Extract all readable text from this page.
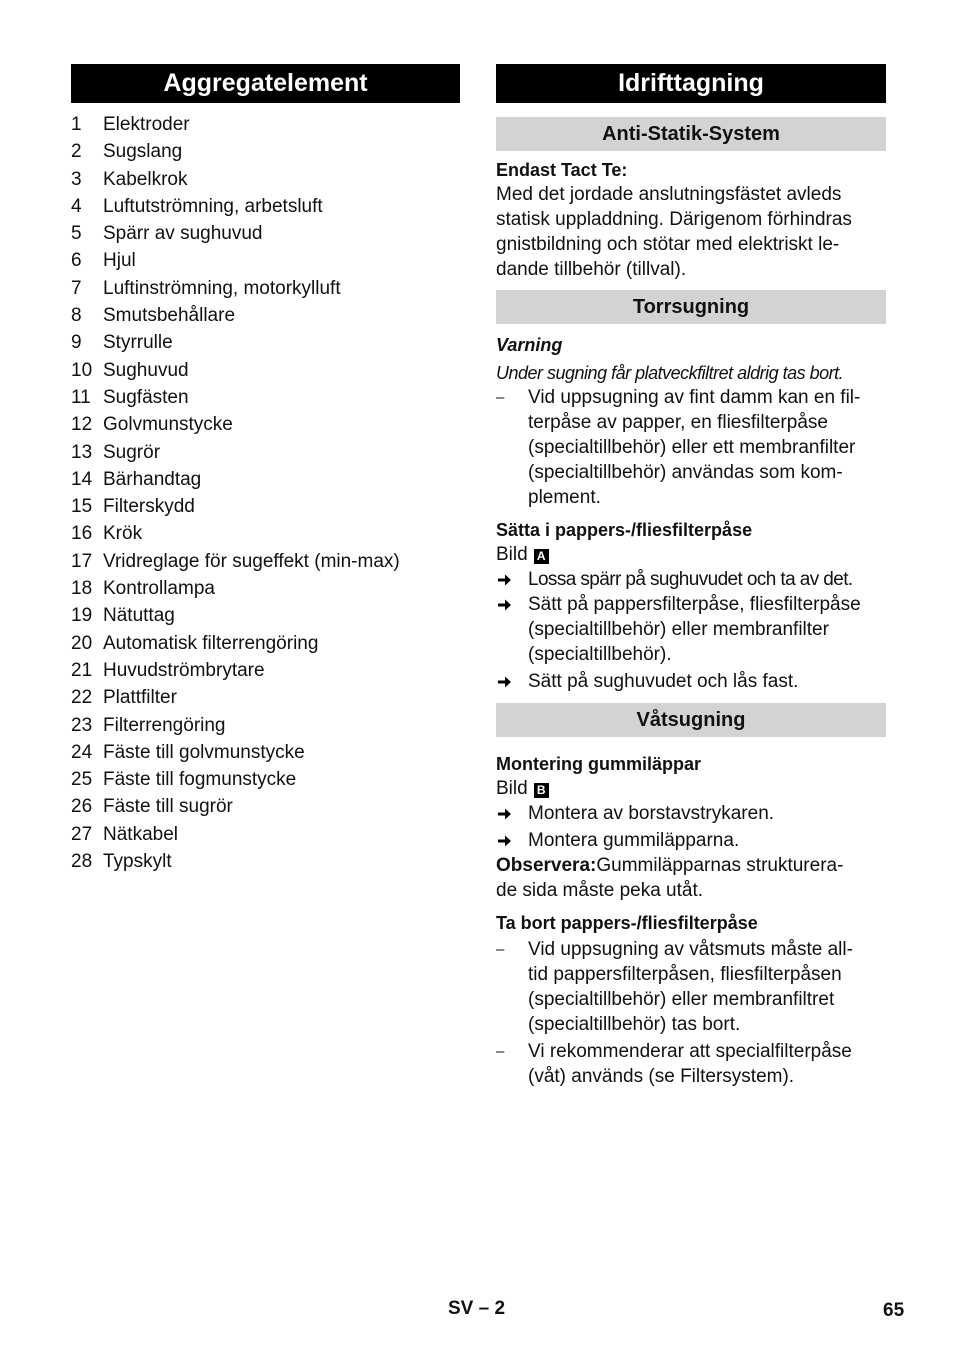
Aggregatelement
1	Elektroder
2	Sugslang
3	Kabelkrok
4	Luftutströmning, arbetsluft
5	Spärr av sughuvud
6	Hjul
7	Luftinströmning, motorkylluft
8	Smutsbehållare
9	Styrrulle
10 Sughuvud
11 Sugfästen
12 Golvmunstycke
13 Sugrör
14 Bärhandtag
15 Filterskydd
16 Krök
17 Vridreglage för sugeffekt (min-max)
18 Kontrollampa
19 Nätuttag
20 Automatisk filterrengöring
21 Huvudströmbrytare
22 Plattfilter
23 Filterrengöring
24 Fäste till golvmunstycke
25 Fäste till fogmunstycke
26 Fäste till sugrör
27 Nätkabel
28 Typskylt
Idrifttagning
Anti-Statik-System
Endast Tact Te:
Med det jordade anslutningsfästet avleds
statisk uppladdning. Därigenom förhindras
gnistbildning och stötar med elektriskt le-
dande tillbehör (tillval).
Torrsugning
Varning
Under sugning får platveckfiltret aldrig tas bort.
–	Vid uppsugning av fint damm kan en fil-
terpåse av papper, en fliesfilterpåse
(specialtillbehör) eller ett membranfilter
(specialtillbehör) användas som kom-
plement.
Sätta i pappers-/fliesfilterpåse
Bild A
Lossa spärr på sughuvudet och ta av det.
Sätt på pappersfilterpåse, fliesfilterpåse
(specialtillbehör) eller membranfilter
(specialtillbehör).
Sätt på sughuvudet och lås fast.
Våtsugning
Montering gummiläppar
Bild B
Montera av borstavstrykaren.
Montera gummiläpparna.
Observera:Gummiläpparnas strukturera-
de sida måste peka utåt.
Ta bort pappers-/fliesfilterpåse
–	Vid uppsugning av våtsmuts måste all-
tid pappersfilterpåsen, fliesfilterpåsen
(specialtillbehör) eller membranfiltret
(specialtillbehör) tas bort.
–	Vi rekommenderar att specialfilterpåse
(våt) används (se Filtersystem).
SV – 2	65
